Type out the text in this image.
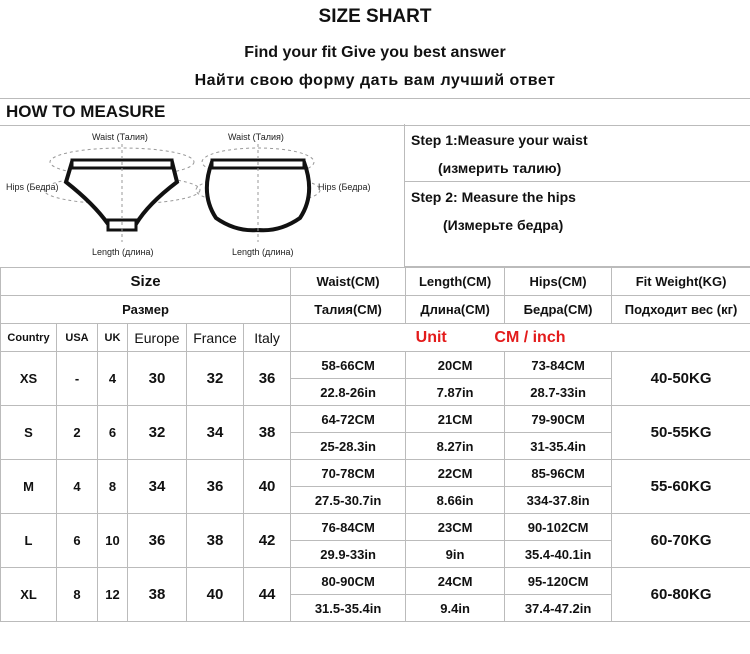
SIZE SHART
Find your fit Give you best answer
Найти свою форму дать вам лучший ответ
HOW TO MEASURE
Waist (Талия)
Hips (Бедра)
Length (длина)
Waist (Талия)
Hips (Бедра)
Length (длина)
Step 1:Measure your waist
(измерить талию)
Step 2: Measure the hips
(Измерьте бедра)
Size						Waist(CM)	Length(CM)	Hips(CM)	Fit Weight(KG)
Размер						Талия(CM)	Длина(CM)	Бедра(CM)	Подходит вес (кг)
Country	USA	UK	Europe	France	Italy	Unit CM / inch			
XS	-	4	30	32	36	58-66CM	20CM	73-84CM	40-50KG
						22.8-26in	7.87in	28.7-33in	
S	2	6	32	34	38	64-72CM	21CM	79-90CM	50-55KG
						25-28.3in	8.27in	31-35.4in	
M	4	8	34	36	40	70-78CM	22CM	85-96CM	55-60KG
						27.5-30.7in	8.66in	334-37.8in	
L	6	10	36	38	42	76-84CM	23CM	90-102CM	60-70KG
						29.9-33in	9in	35.4-40.1in	
XL	8	12	38	40	44	80-90CM	24CM	95-120CM	60-80KG
						31.5-35.4in	9.4in	37.4-47.2in	
